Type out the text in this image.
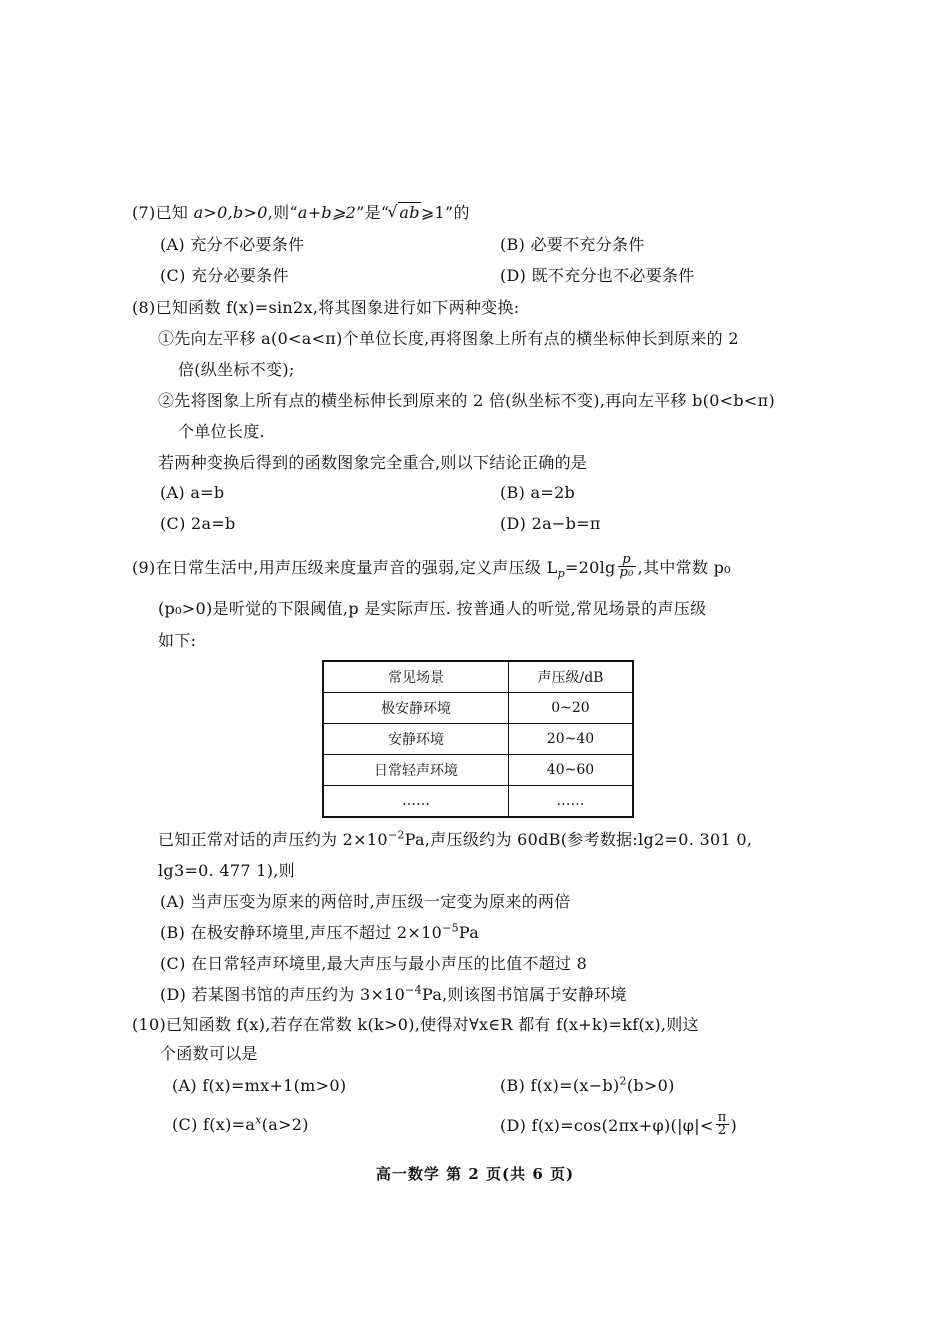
(7)已知 a>0,b>0,则“a+b⩾2”是“ √ ab⩾1”的
(A) 充分不必要条件	(B) 必要不充分条件
(C) 充分必要条件	(D) 既不充分也不必要条件
(8)已知函数 f(x)=sin2x,将其图象进行如下两种变换:
①先向左平移 a(0<a<π)个单位长度,再将图象上所有点的横坐标伸长到原来的 2
倍(纵坐标不变);
②先将图象上所有点的横坐标伸长到原来的 2 倍(纵坐标不变),再向左平移 b(0<b<π)
个单位长度.
若两种变换后得到的函数图象完全重合,则以下结论正确的是
(A) a=b	(B) a=2b
(C) 2a=b	(D) 2a−b=π
(9)在日常生活中,用声压级来度量声音的强弱,定义声压级 $L_p=20\lg \frac{p}{\text{p₀}}$ ,其中常数 p₀
(p₀>0)是听觉的下限阈值,p 是实际声压. 按普通人的听觉,常见场景的声压级
如下:
常见场景	声压级/dB
极安静环境	0~20
安静环境	20~40
日常轻声环境	40~60
……	……
已知正常对话的声压约为 $2\times 10^{-2}Pa$,声压级约为 60dB(参考数据:lg2=0. 301 0,
lg3=0. 477 1),则
(A) 当声压变为原来的两倍时,声压级一定变为原来的两倍
(B) 在极安静环境里,声压不超过 $2\times 10^{-5}Pa$
(C) 在日常轻声环境里,最大声压与最小声压的比值不超过 8
(D) 若某图书馆的声压约为 $3\times 10^{-4}Pa$,则该图书馆属于安静环境
(10)已知函数 f(x),若存在常数 k(k>0),使得对∀x∈R 都有 f(x+k)=kf(x),则这
个函数可以是
(A) f(x)=mx+1(m>0)	(B) $f(x)=(x-b)^2(b>0)$
(C) $f(x)=a^x(a>2)$	(D) $f(x)=\cos(2\pi x+\varphi)(|\varphi|< \frac{\pi}{2}$ )
高一数学 第 2 页(共 6 页)
